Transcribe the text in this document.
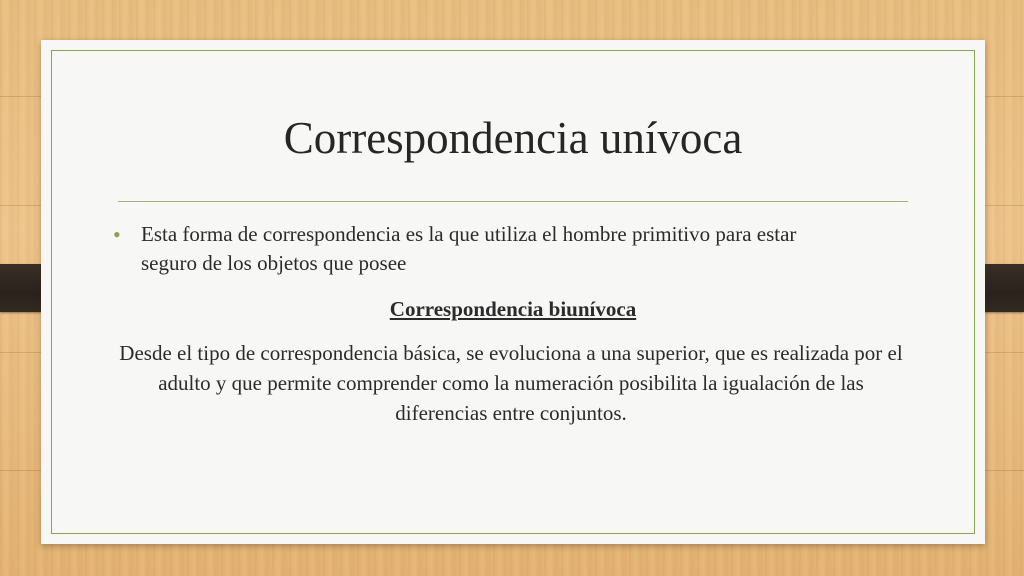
Correspondencia unívoca
• Esta forma de correspondencia es la que utiliza el hombre primitivo para estar seguro de los objetos que posee
Correspondencia biunívoca

Desde el tipo de correspondencia básica, se evoluciona a una superior, que es realizada por el adulto y que permite comprender como la numeración posibilita la igualación de las diferencias entre conjuntos.
